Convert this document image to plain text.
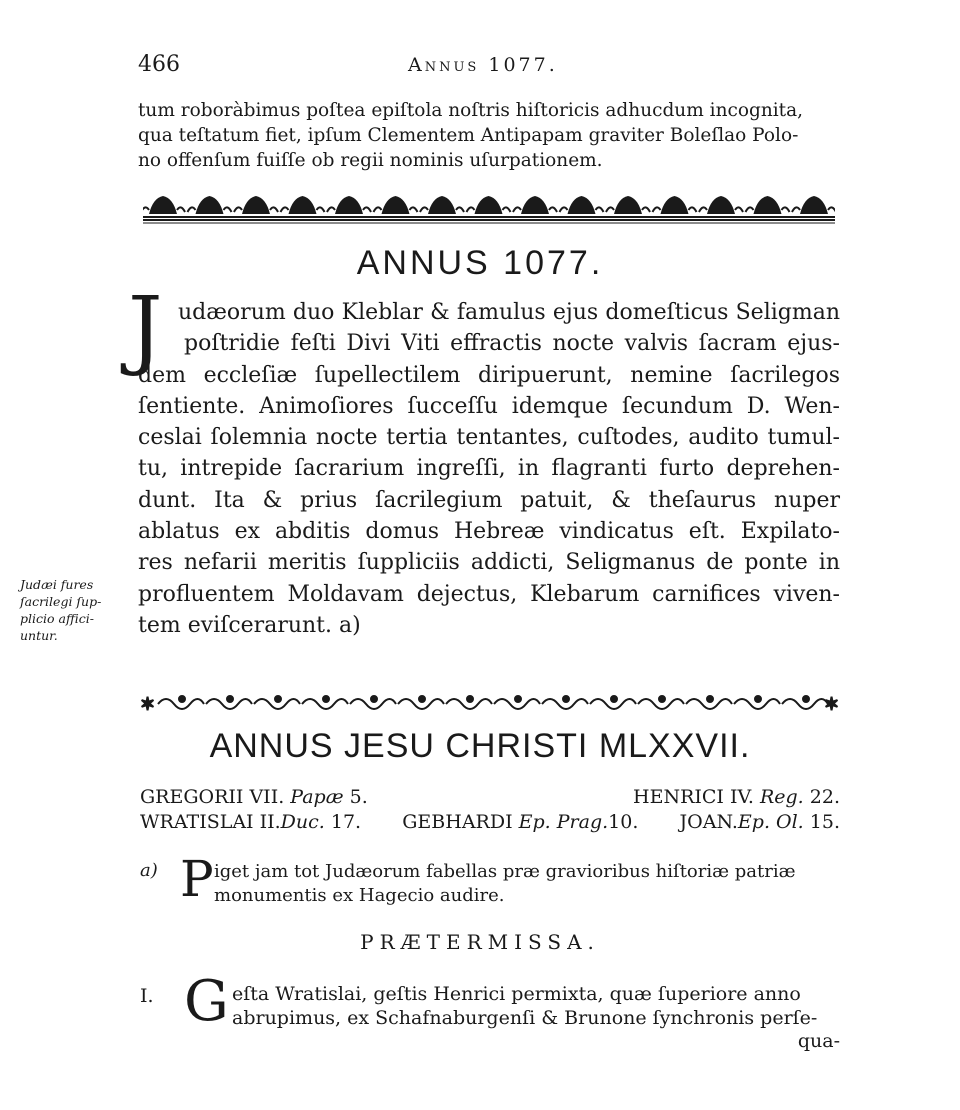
466	Annus 1077.
tum roboràbimus poſtea epiſtola noſtris hiſtoricis adhucdum incognita,
qua teſtatum fiet, ipſum Clementem Antipapam graviter Boleſlao Polo-
no offenſum fuiſſe ob regii nominis uſurpationem.
ANNUS 1077.
J udæorum duo Kleblar & famulus ejus domeſticus Seligman
poſtridie feſti Divi Viti effractis nocte valvis ſacram ejus-
dem eccleſiæ ſupellectilem diripuerunt, nemine ſacrilegos
ſentiente. Animoſiores ſucceſſu idemque ſecundum D. Wen-
ceslai ſolemnia nocte tertia tentantes, cuſtodes, audito tumul-
tu, intrepide ſacrarium ingreſſi, in flagranti furto deprehen-
dunt. Ita & prius ſacrilegium patuit, & theſaurus nuper
ablatus ex abditis domus Hebreæ vindicatus eſt. Expilato-
res nefarii meritis ſuppliciis addicti, Seligmanus de ponte in
profluentem Moldavam dejectus, Klebarum carnifices viven-
tem eviſcerarunt. a)
Judæi fures
ſacrilegi ſup-
plicio affici-
untur.
✶	✶
ANNUS JESU CHRISTI MLXXVII.
GREGORII VII. Papæ 5.	HENRICI IV. Reg. 22.
WRATISLAI II.Duc. 17. GEBHARDI Ep. Prag.10. JOAN.Ep. Ol. 15.
a) P iget jam tot Judæorum fabellas præ gravioribus hiſtoriæ patriæ
monumentis ex Hagecio audire.
PRÆTERMISSA.
I. G eſta Wratislai, geſtis Henrici permixta, quæ ſuperiore anno
abrupimus, ex Schafnaburgenſi & Brunone ſynchronis perſe-
qua-
